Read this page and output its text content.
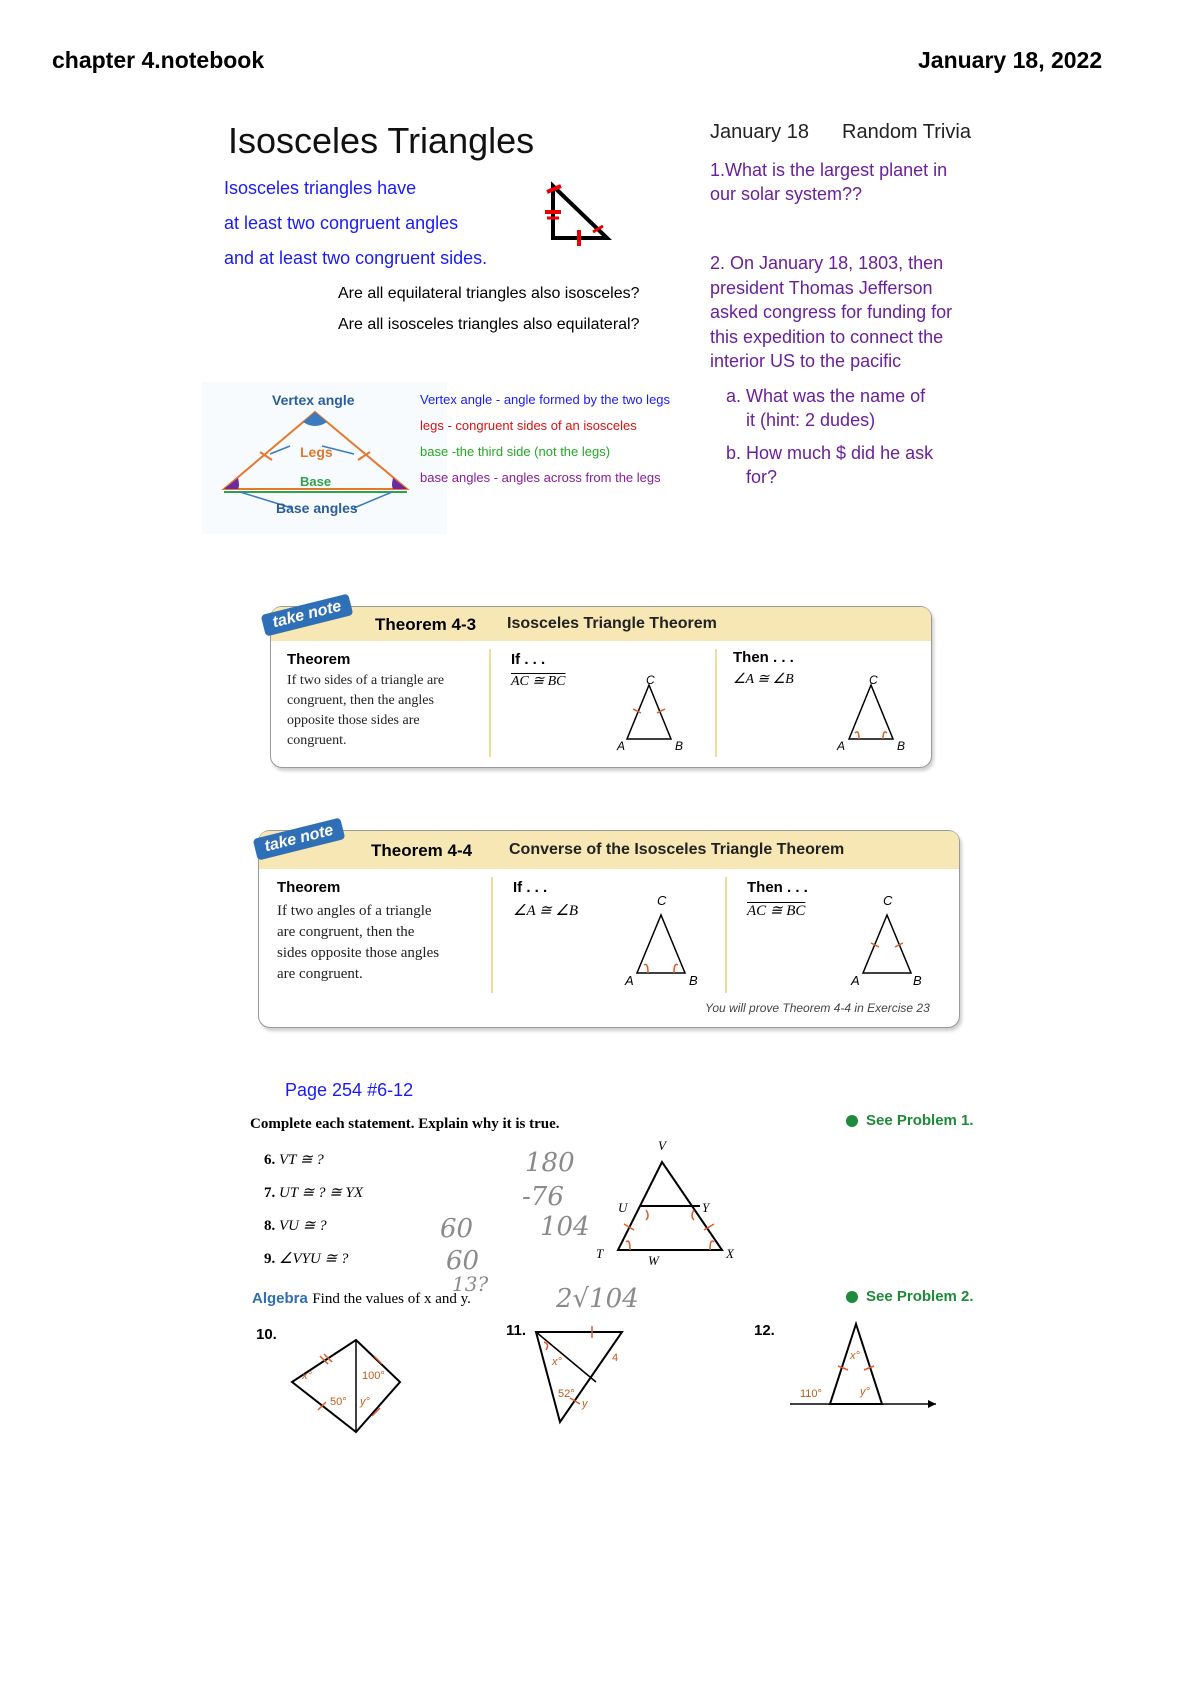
chapter 4.notebook	January 18, 2022
Isosceles Triangles
Isosceles triangles have
at least two congruent angles
and at least two congruent sides.
Are all equilateral triangles also isosceles?
Are all isosceles triangles also equilateral?
Vertex angle
Legs
Base
Base angles
Vertex angle - angle formed by the two legs
legs - congruent sides of an isosceles
base -the third side (not the legs)
base angles - angles across from the legs
January 18 Random Trivia
1.What is the largest planet in
our solar system??
2. On January 18, 1803, then
president Thomas Jefferson
asked congress for funding for
this expedition to connect the
interior US to the pacific
a. What was the name of
it (hint: 2 dudes)
b. How much $ did he ask
for?
Theorem 4-3 Isosceles Triangle Theorem
Theorem
If two sides of a triangle are
congruent, then the angles
opposite those sides are
congruent.
If . . .
AC ≅ BC
Then . . .
∠A ≅ ∠B
C
A	B
C
A	B
take note
Theorem 4-4 Converse of the Isosceles Triangle Theorem
Theorem
If two angles of a triangle
are congruent, then the
sides opposite those angles
are congruent.
If . . .
∠A ≅ ∠B
Then . . .
AC ≅ BC
C
A	B
C
A	B
You will prove Theorem 4-4 in Exercise 23
take note
Page 254 #6-12
Complete each statement. Explain why it is true.	See Problem 1.
6. VT ≅ ?
7. UT ≅ ? ≅ YX
8. VU ≅ ?
9. ∠VYU ≅ ?
V
U	Y
T	W	X
180
-76
104
60
60
13?	2√104
Algebra Find the values of x and y.	See Problem 2.
10.	11.	12.
x°	100°
50° y°
x°
52°
y
4	x°
110°	y°
